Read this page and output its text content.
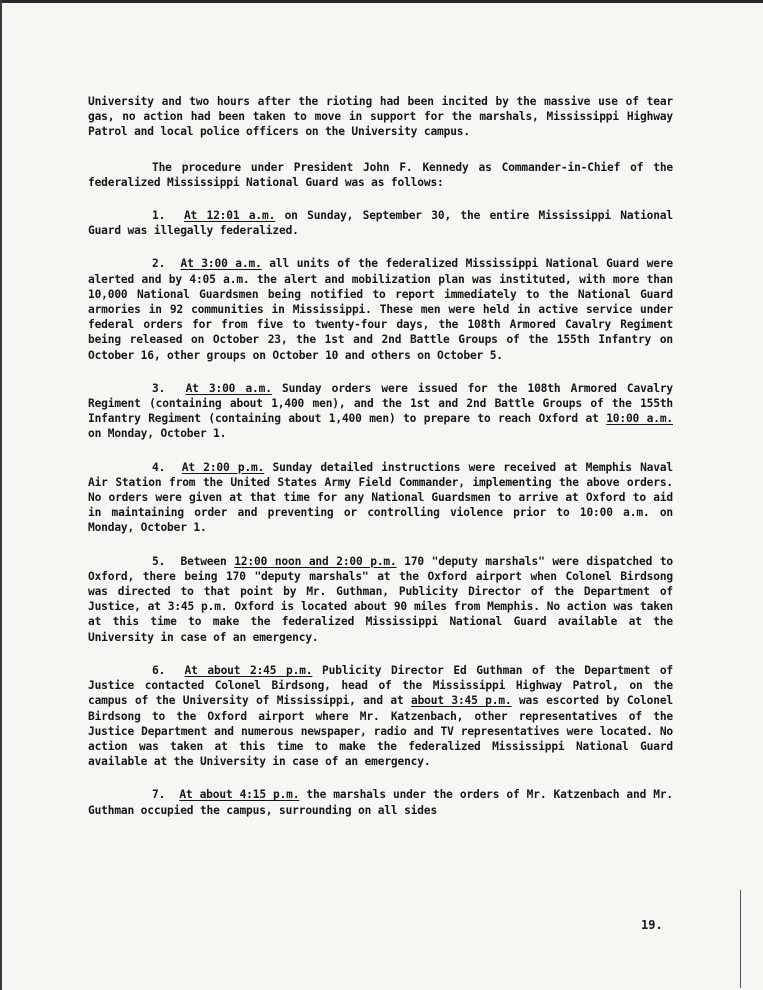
University and two hours after the rioting had been incited by the massive use of tear gas, no action had been taken to move in support for the marshals, Mississippi Highway Patrol and local police officers on the University campus.

The procedure under President John F. Kennedy as Commander-in-Chief of the federalized Mississippi National Guard was as follows:

1. At 12:01 a.m. on Sunday, September 30, the entire Mississippi National Guard was illegally federalized.

2. At 3:00 a.m. all units of the federalized Mississippi National Guard were alerted and by 4:05 a.m. the alert and mobilization plan was instituted, with more than 10,000 National Guardsmen being notified to report immediately to the National Guard armories in 92 communities in Mississippi. These men were held in active service under federal orders for from five to twenty-four days, the 108th Armored Cavalry Regiment being released on October 23, the 1st and 2nd Battle Groups of the 155th Infantry on October 16, other groups on October 10 and others on October 5.

3. At 3:00 a.m. Sunday orders were issued for the 108th Armored Cavalry Regiment (containing about 1,400 men), and the 1st and 2nd Battle Groups of the 155th Infantry Regiment (containing about 1,400 men) to prepare to reach Oxford at 10:00 a.m. on Monday, October 1.

4. At 2:00 p.m. Sunday detailed instructions were received at Memphis Naval Air Station from the United States Army Field Commander, implementing the above orders. No orders were given at that time for any National Guardsmen to arrive at Oxford to aid in maintaining order and preventing or controlling violence prior to 10:00 a.m. on Monday, October 1.

5. Between 12:00 noon and 2:00 p.m. 170 "deputy marshals" were dispatched to Oxford, there being 170 "deputy marshals" at the Oxford airport when Colonel Birdsong was directed to that point by Mr. Guthman, Publicity Director of the Department of Justice, at 3:45 p.m. Oxford is located about 90 miles from Memphis. No action was taken at this time to make the federalized Mississippi National Guard available at the University in case of an emergency.

6. At about 2:45 p.m. Publicity Director Ed Guthman of the Department of Justice contacted Colonel Birdsong, head of the Mississippi Highway Patrol, on the campus of the University of Mississippi, and at about 3:45 p.m. was escorted by Colonel Birdsong to the Oxford airport where Mr. Katzenbach, other representatives of the Justice Department and numerous newspaper, radio and TV representatives were located. No action was taken at this time to make the federalized Mississippi National Guard available at the University in case of an emergency.

7. At about 4:15 p.m. the marshals under the orders of Mr. Katzenbach and Mr. Guthman occupied the campus, surrounding on all sides

19.
